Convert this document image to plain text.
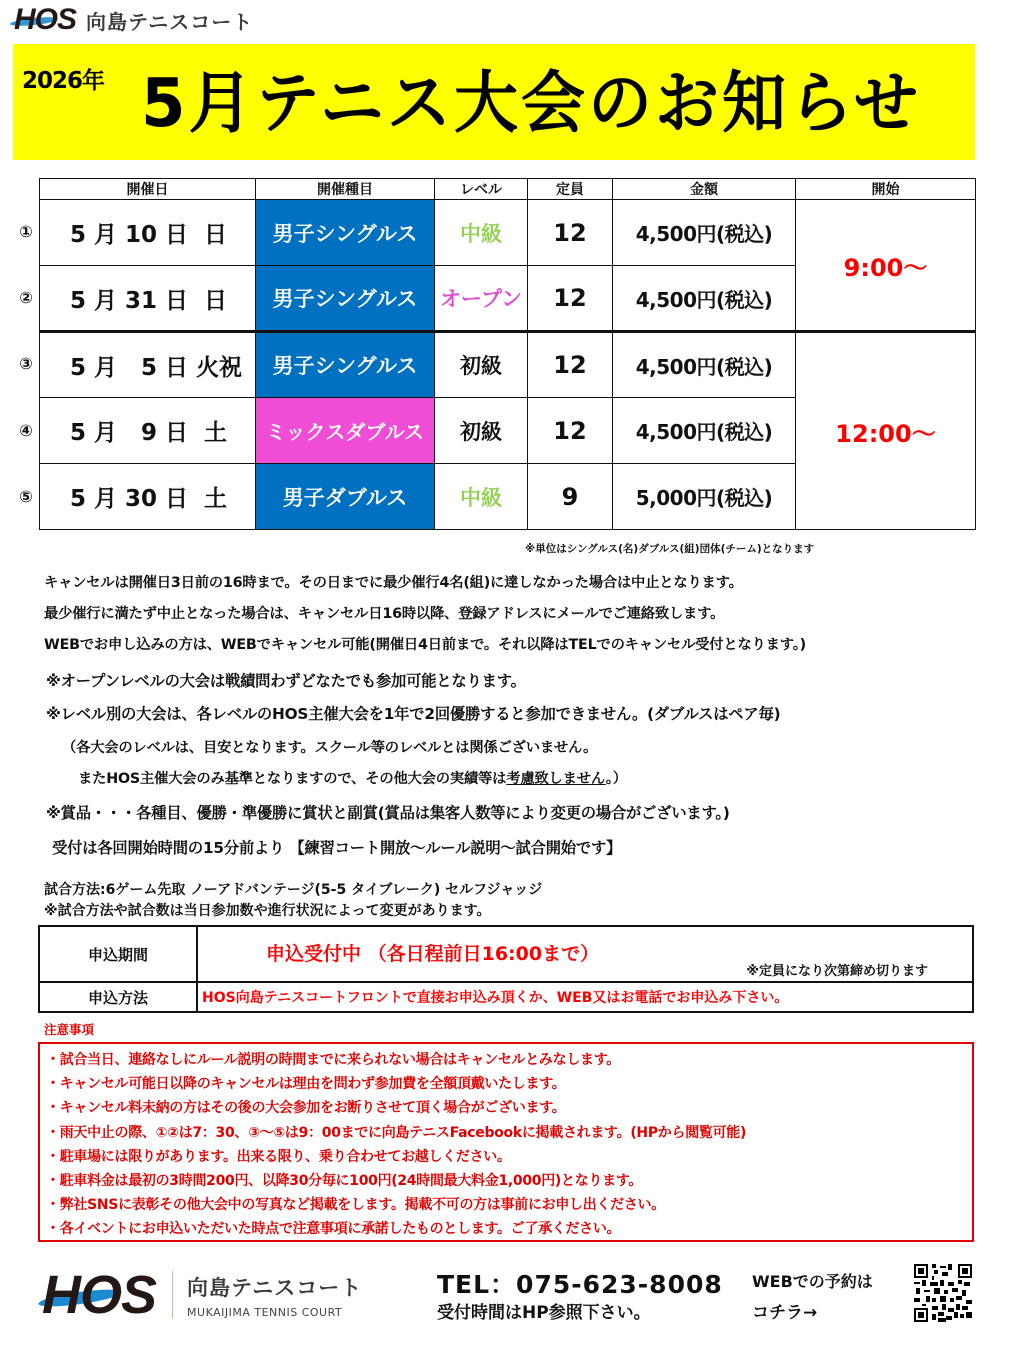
HOS 向島テニスコート
2026年 5月テニス大会のお知らせ
①
②
③
④
⑤
開催日	開催種目	レベル	定員	金額	開始
5 月 10 日  日	男子シングルス	中級	12	4,500円(税込)	9:00～
5 月 31 日  日	男子シングルス	オープン	12	4,500円(税込)	
5 月   5 日 火祝	男子シングルス	初級	12	4,500円(税込)	12:00～
5 月   9 日  土	ミックスダブルス	初級	12	4,500円(税込)	
5 月 30 日  土	男子ダブルス	中級	9	5,000円(税込)	
※単位はシングルス(名)ダブルス(組)団体(チーム)となります
キャンセルは開催日3日前の16時まで。その日までに最少催行4名(組)に達しなかった場合は中止となります。
最少催行に満たず中止となった場合は、キャンセル日16時以降、登録アドレスにメールでご連絡致します。
WEBでお申し込みの方は、WEBでキャンセル可能(開催日4日前まで。それ以降はTELでのキャンセル受付となります。)
※オープンレベルの大会は戦績問わずどなたでも参加可能となります。
※レベル別の大会は、各レベルのHOS主催大会を1年で2回優勝すると参加できません。(ダブルスはペア毎)
（各大会のレベルは、目安となります。スクール等のレベルとは関係ございません。
またHOS主催大会のみ基準となりますので、その他大会の実績等は考慮致しません。）
※賞品・・・各種目、優勝・準優勝に賞状と副賞(賞品は集客人数等により変更の場合がございます。)
受付は各回開始時間の15分前より 【練習コート開放～ルール説明～試合開始です】
試合方法:6ゲーム先取 ノーアドバンテージ(5-5 タイブレーク) セルフジャッジ
※試合方法や試合数は当日参加数や進行状況によって変更があります。
申込期間	申込受付中 （各日程前日16:00まで）
※定員になり次第締め切ります

申込方法	HOS向島テニスコートフロントで直接お申込み頂くか、WEB又はお電話でお申込み下さい。
注意事項
・試合当日、連絡なしにルール説明の時間までに来られない場合はキャンセルとみなします。
・キャンセル可能日以降のキャンセルは理由を問わず参加費を全額頂戴いたします。
・キャンセル料未納の方はその後の大会参加をお断りさせて頂く場合がございます。
・雨天中止の際、①②は7：30、③～⑤は9：00までに向島テニスFacebookに掲載されます。(HPから閲覧可能)
・駐車場には限りがあります。出来る限り、乗り合わせてお越しください。
・駐車料金は最初の3時間200円、以降30分毎に100円(24時間最大料金1,000円)となります。
・弊社SNSに表彰その他大会中の写真など掲載をします。掲載不可の方は事前にお申し出ください。
・各イベントにお申込いただいた時点で注意事項に承諾したものとします。ご了承ください。
HOS 向島テニスコート
MUKAIJIMA TENNIS COURT
TEL：075-623-8008
受付時間はHP参照下さい。
WEBでの予約は
コチラ→
